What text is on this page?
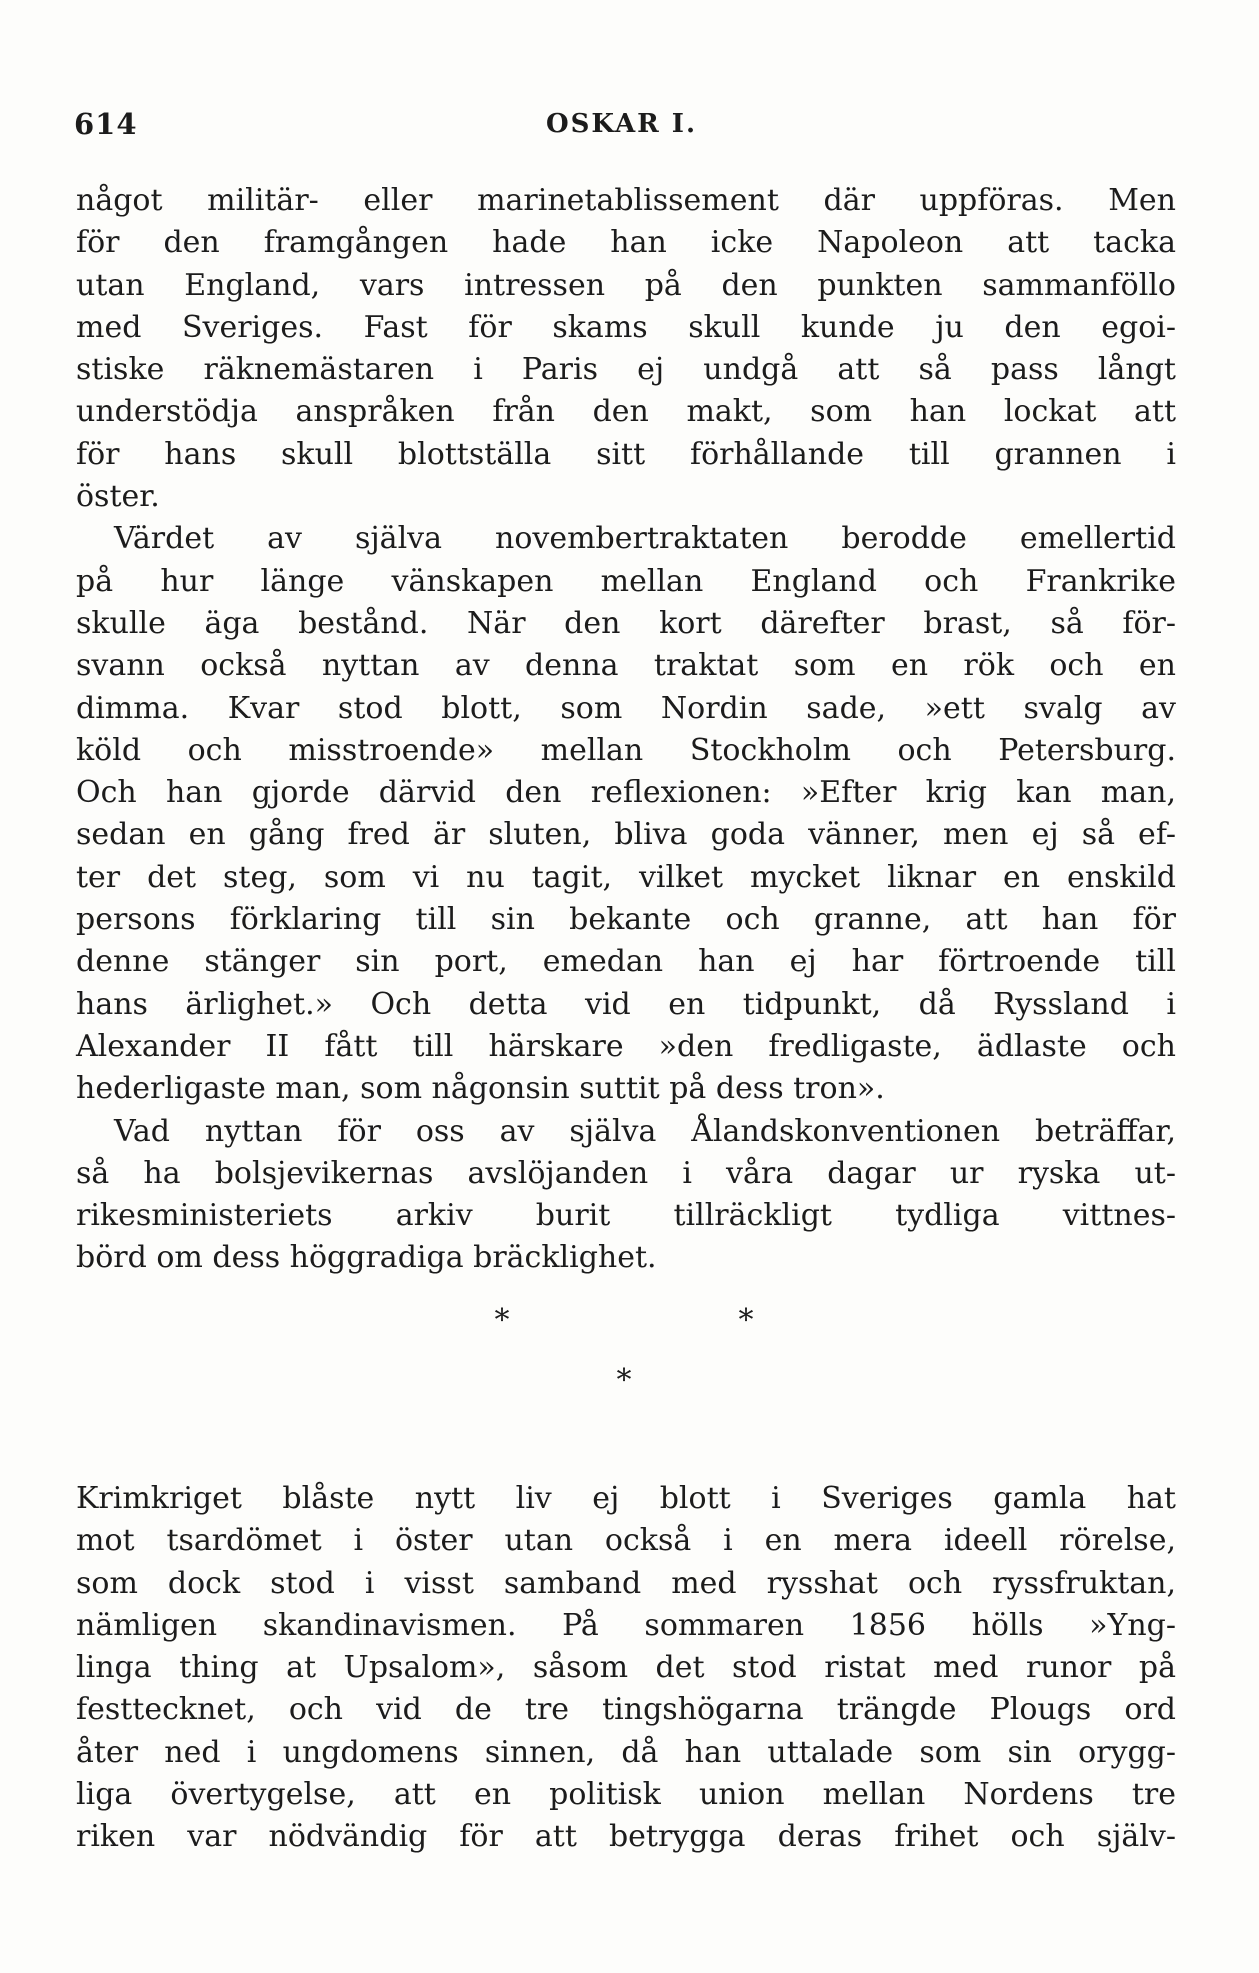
614	OSKAR I.
något militär- eller marinetablissement där uppföras. Men
för den framgången hade han icke Napoleon att tacka
utan England, vars intressen på den punkten sammanföllo
med Sveriges. Fast för skams skull kunde ju den egoi-
stiske räknemästaren i Paris ej undgå att så pass långt
understödja anspråken från den makt, som han lockat att
för hans skull blottställa sitt förhållande till grannen i
öster.
Värdet av själva novembertraktaten berodde emellertid
på hur länge vänskapen mellan England och Frankrike
skulle äga bestånd. När den kort därefter brast, så för-
svann också nyttan av denna traktat som en rök och en
dimma. Kvar stod blott, som Nordin sade, »ett svalg av
köld och misstroende» mellan Stockholm och Petersburg.
Och han gjorde därvid den reflexionen: »Efter krig kan man,
sedan en gång fred är sluten, bliva goda vänner, men ej så ef-
ter det steg, som vi nu tagit, vilket mycket liknar en enskild
persons förklaring till sin bekante och granne, att han för
denne stänger sin port, emedan han ej har förtroende till
hans ärlighet.» Och detta vid en tidpunkt, då Ryssland i
Alexander II fått till härskare »den fredligaste, ädlaste och
hederligaste man, som någonsin suttit på dess tron».
Vad nyttan för oss av själva Ålandskonventionen beträffar,
så ha bolsjevikernas avslöjanden i våra dagar ur ryska ut-
rikesministeriets arkiv burit tillräckligt tydliga vittnes-
börd om dess höggradiga bräcklighet.
*	*
*
Krimkriget blåste nytt liv ej blott i Sveriges gamla hat
mot tsardömet i öster utan också i en mera ideell rörelse,
som dock stod i visst samband med rysshat och ryssfruktan,
nämligen skandinavismen. På sommaren 1856 hölls »Yng-
linga thing at Upsalom», såsom det stod ristat med runor på
festtecknet, och vid de tre tingshögarna trängde Plougs ord
åter ned i ungdomens sinnen, då han uttalade som sin orygg-
liga övertygelse, att en politisk union mellan Nordens tre
riken var nödvändig för att betrygga deras frihet och själv-
